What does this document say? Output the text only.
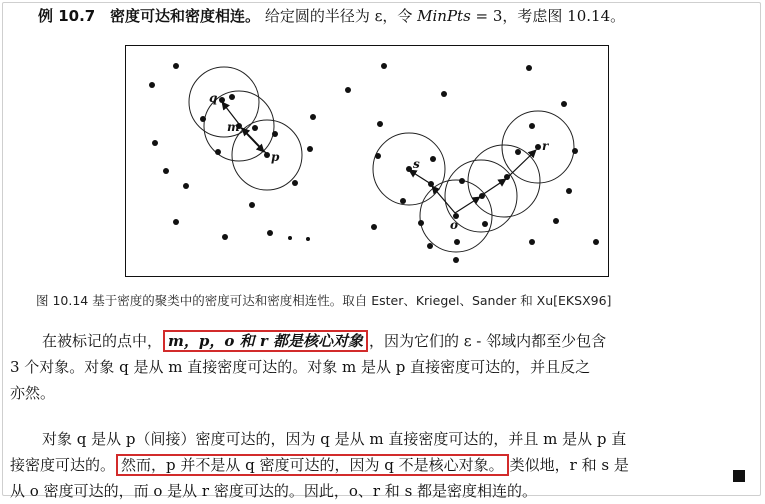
例 10.7 密度可达和密度相连。 给定圆的半径为 ε，令 MinPts = 3，考虑图 10.14。
q
m
p	s
o
r
图 10.14 基于密度的聚类中的密度可达和密度相连性。取自 Ester、Kriegel、Sander 和 Xu[EKSX96]
在被标记的点中， m，p，o 和 r 都是核心对象 ，因为它们的 ε - 邻域内都至少包含
3 个对象。对象 q 是从 m 直接密度可达的。对象 m 是从 p 直接密度可达的，并且反之
亦然。
对象 q 是从 p（间接）密度可达的，因为 q 是从 m 直接密度可达的，并且 m 是从 p 直
接密度可达的。 然而，p 并不是从 q 密度可达的，因为 q 不是核心对象。 类似地，r 和 s 是
从 o 密度可达的，而 o 是从 r 密度可达的。因此，o、r 和 s 都是密度相连的。
